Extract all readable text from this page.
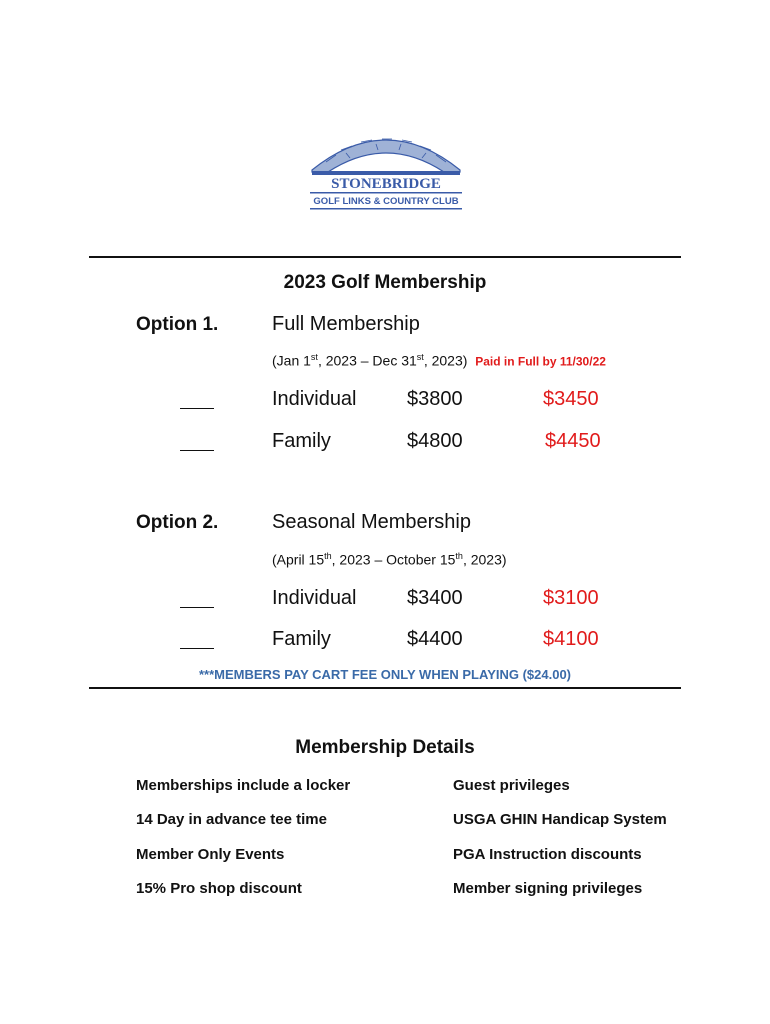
STONEBRIDGE
GOLF LINKS & COUNTRY CLUB
2023 Golf Membership
Option 1.	Full Membership
(Jan 1st, 2023 – Dec 31st, 2023) Paid in Full by 11/30/22
Individual	$3800	$3450
Family	$4800	$4450
Option 2.	Seasonal Membership
(April 15th, 2023 – October 15th, 2023)
Individual	$3400	$3100
Family	$4400	$4100
***MEMBERS PAY CART FEE ONLY WHEN PLAYING ($24.00)
Membership Details
Memberships include a locker	Guest privileges
14 Day in advance tee time	USGA GHIN Handicap System
Member Only Events	PGA Instruction discounts
15% Pro shop discount	Member signing privileges
